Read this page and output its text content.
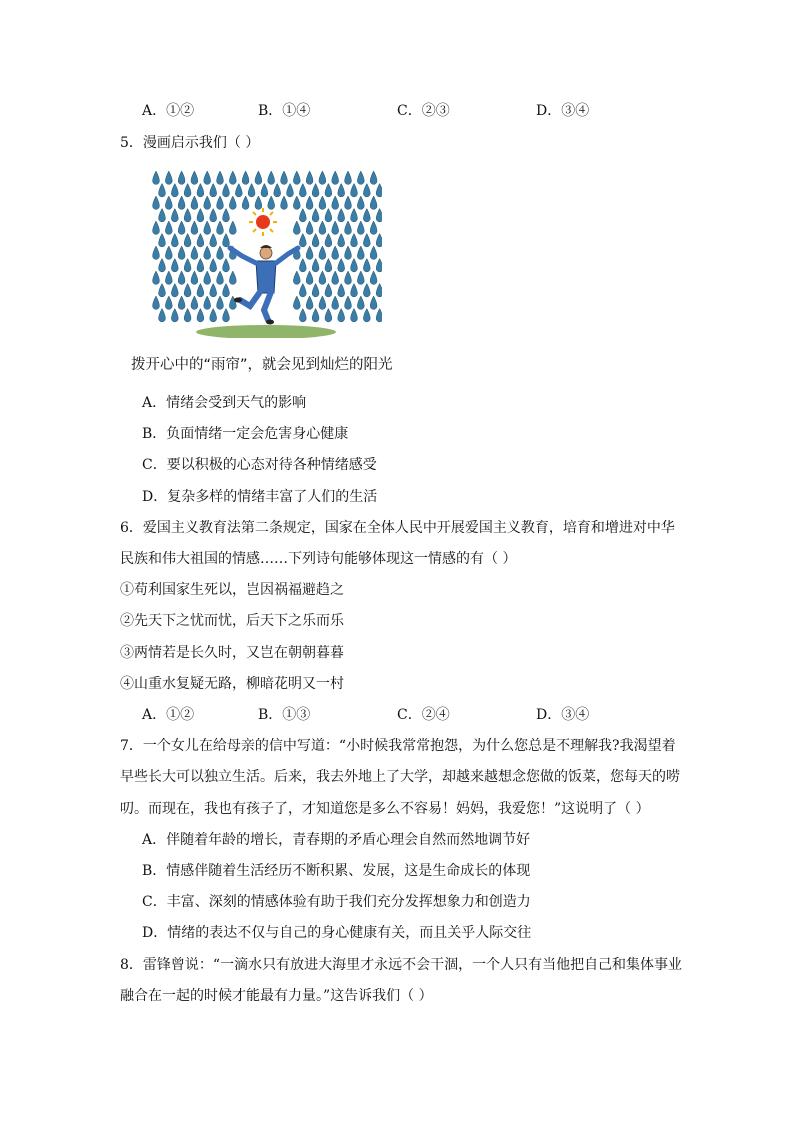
A．①②	B．①④	C．②③	D．③④
5．漫画启示我们（ ）
拨开心中的“雨帘”，就会见到灿烂的阳光
A．情绪会受到天气的影响
B．负面情绪一定会危害身心健康
C．要以积极的心态对待各种情绪感受
D．复杂多样的情绪丰富了人们的生活
6．爱国主义教育法第二条规定，国家在全体人民中开展爱国主义教育，培育和增进对中华
民族和伟大祖国的情感……下列诗句能够体现这一情感的有（ ）
①苟利国家生死以，岂因祸福避趋之
②先天下之忧而忧，后天下之乐而乐
③两情若是长久时，又岂在朝朝暮暮
④山重水复疑无路，柳暗花明又一村
A．①②	B．①③	C．②④	D．③④
7．一个女儿在给母亲的信中写道：“小时候我常常抱怨，为什么您总是不理解我?我渴望着
早些长大可以独立生活。后来，我去外地上了大学，却越来越想念您做的饭菜，您每天的唠
叨。而现在，我也有孩子了，才知道您是多么不容易！妈妈，我爱您！”这说明了（ ）
A．伴随着年龄的增长，青春期的矛盾心理会自然而然地调节好
B．情感伴随着生活经历不断积累、发展，这是生命成长的体现
C．丰富、深刻的情感体验有助于我们充分发挥想象力和创造力
D．情绪的表达不仅与自己的身心健康有关，而且关乎人际交往
8．雷锋曾说：“一滴水只有放进大海里才永远不会干涸，一个人只有当他把自己和集体事业
融合在一起的时候才能最有力量。”这告诉我们（ ）
